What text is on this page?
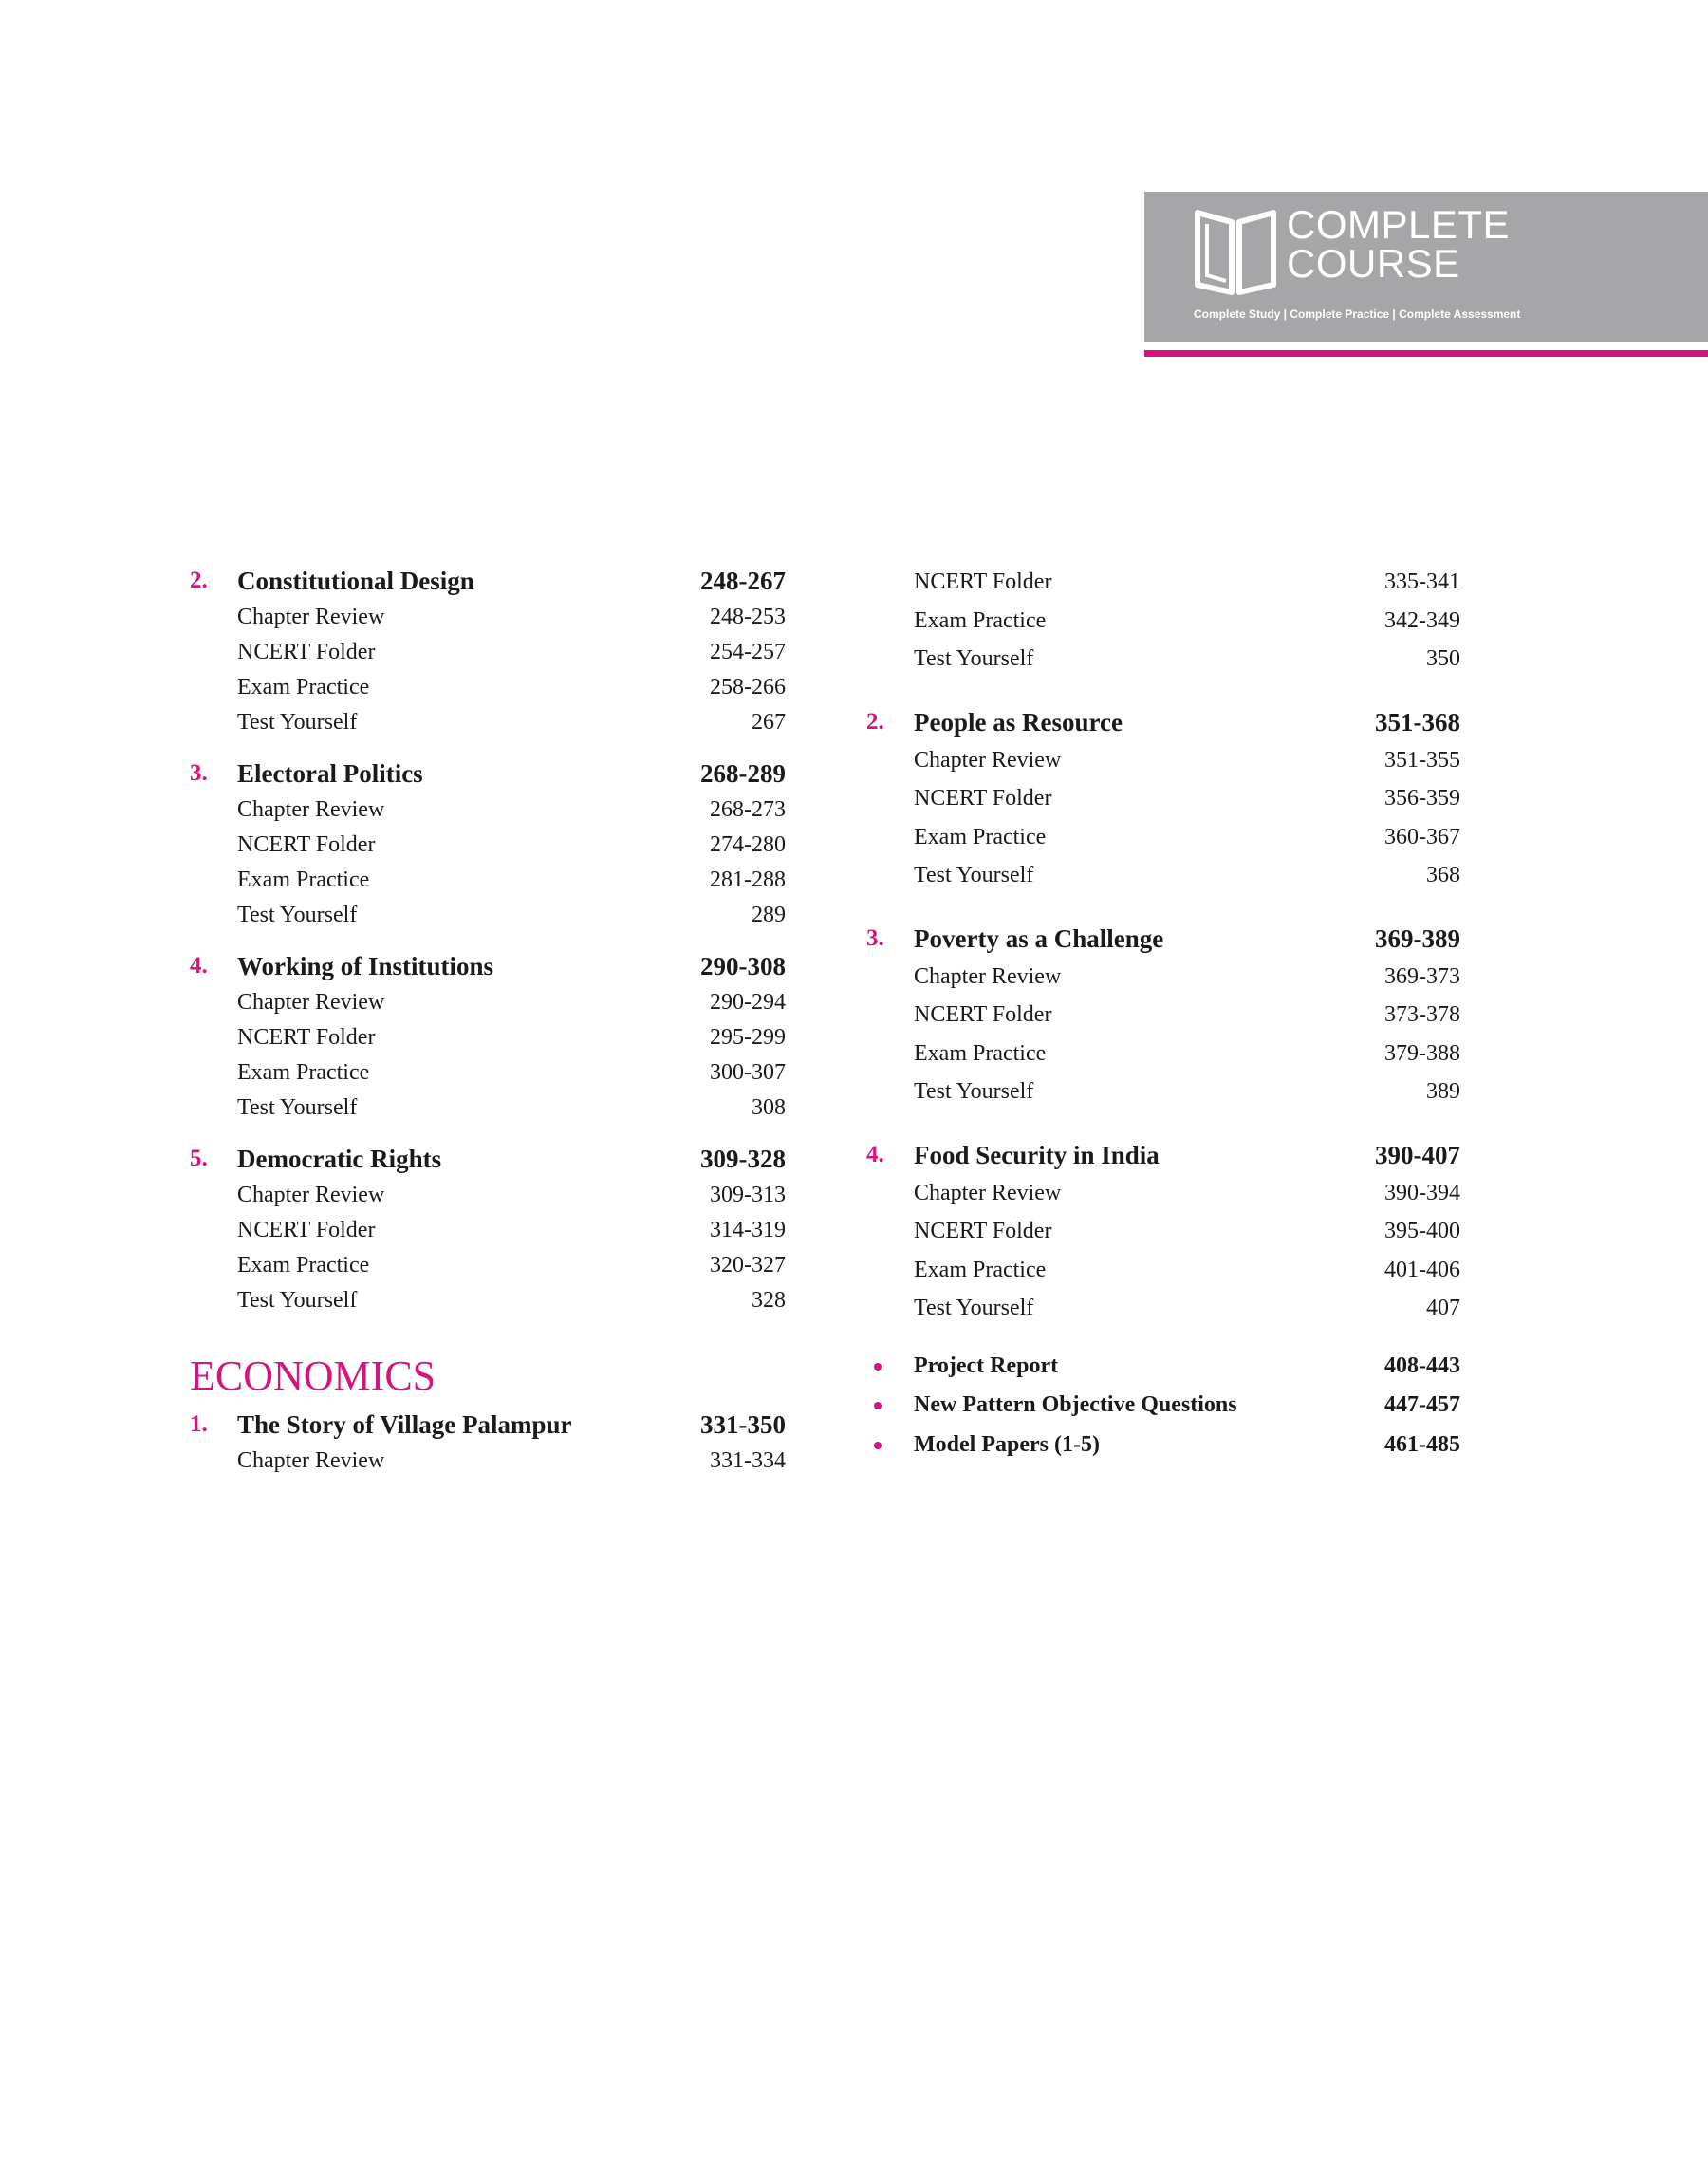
COMPLETE
COURSE
Complete Study | Complete Practice | Complete Assessment
2.	Constitutional Design	248-267
Chapter Review	248-253
NCERT Folder	254-257
Exam Practice	258-266
Test Yourself	267
3.	Electoral Politics	268-289
Chapter Review	268-273
NCERT Folder	274-280
Exam Practice	281-288
Test Yourself	289
4.	Working of Institutions	290-308
Chapter Review	290-294
NCERT Folder	295-299
Exam Practice	300-307
Test Yourself	308
5.	Democratic Rights	309-328
Chapter Review	309-313
NCERT Folder	314-319
Exam Practice	320-327
Test Yourself	328
ECONOMICS
1.	The Story of Village Palampur	331-350
Chapter Review	331-334
NCERT Folder	335-341
Exam Practice	342-349
Test Yourself	350
2.	People as Resource	351-368
Chapter Review	351-355
NCERT Folder	356-359
Exam Practice	360-367
Test Yourself	368
3.	Poverty as a Challenge	369-389
Chapter Review	369-373
NCERT Folder	373-378
Exam Practice	379-388
Test Yourself	389
4.	Food Security in India	390-407
Chapter Review	390-394
NCERT Folder	395-400
Exam Practice	401-406
Test Yourself	407
Project Report	408-443
New Pattern Objective Questions	447-457
Model Papers (1-5)	461-485
